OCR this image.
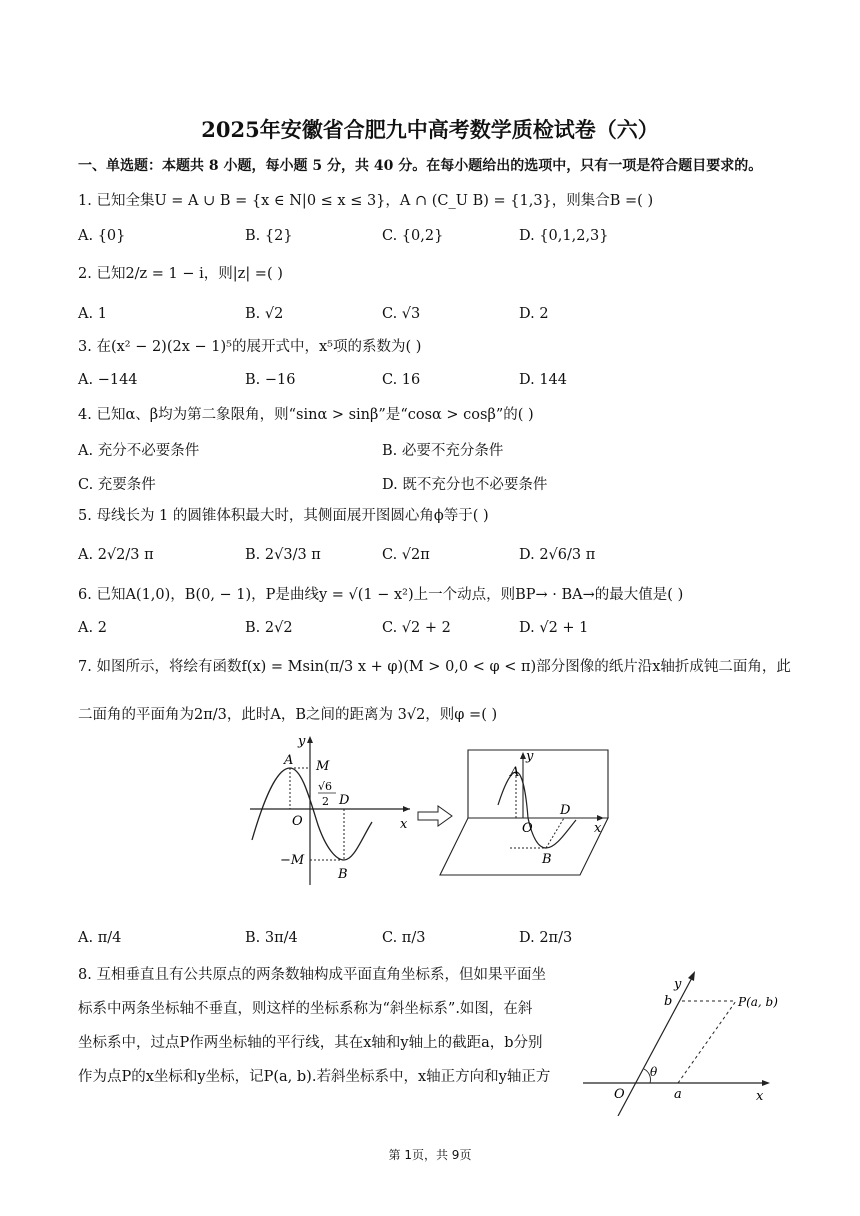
2025年安徽省合肥九中高考数学质检试卷（六）
一、单选题：本题共 8 小题，每小题 5 分，共 40 分。在每小题给出的选项中，只有一项是符合题目要求的。
1. 已知全集U = A ∪ B = {x ∈ N|0 ≤ x ≤ 3}，A ∩ (C_U B) = {1,3}，则集合B =( )
A. {0}	B. {2}	C. {0,2}	D. {0,1,2,3}
2. 已知2/z = 1 − i，则|z| =( )
A. 1	B. √2	C. √3	D. 2
3. 在(x² − 2)(2x − 1)⁵的展开式中，x⁵项的系数为( )
A. −144	B. −16	C. 16	D. 144
4. 已知α、β均为第二象限角，则“sinα > sinβ”是“cosα > cosβ”的( )
A. 充分不必要条件	B. 必要不充分条件
C. 充要条件	D. 既不充分也不必要条件
5. 母线长为 1 的圆锥体积最大时，其侧面展开图圆心角ϕ等于( )
A. 2√2/3 π	B. 2√3/3 π	C. √2π	D. 2√6/3 π
6. 已知A(1,0)，B(0, − 1)，P是曲线y = √(1 − x²)上一个动点，则BP→ · BA→的最大值是( )
A. 2	B. 2√2	C. √2 + 2	D. √2 + 1
7. 如图所示，将绘有函数f(x) = Msin(π/3 x + φ)(M > 0,0 < φ < π)部分图像的纸片沿x轴折成钝二面角，此
二面角的平面角为2π/3，此时A，B之间的距离为 3√2，则φ =( )
y
A M
√6
2 D
O	x
−M
B
y
A
D
O	x
B
A. π/4	B. 3π/4	C. π/3	D. 2π/3
8. 互相垂直且有公共原点的两条数轴构成平面直角坐标系，但如果平面坐
标系中两条坐标轴不垂直，则这样的坐标系称为“斜坐标系”.如图，在斜
坐标系中，过点P作两坐标轴的平行线，其在x轴和y轴上的截距a，b分别
作为点P的x坐标和y坐标，记P(a, b).若斜坐标系中，x轴正方向和y轴正方
y
b	P(a, b)
θ
O	a	x
第 1页，共 9页
